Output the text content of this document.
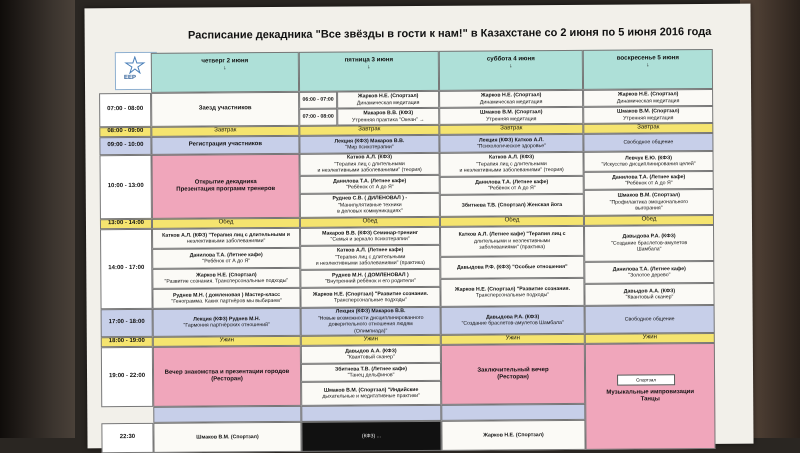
Расписание декадника "Все звёзды в гости к нам!" в Казахстане со 2 июня по 5 июня 2016 года
ЕЕР
четверг 2 июня
↓
пятница 3 июня
↓
суббота 4 июня
↓
воскресенье 5 июня
↓
07:00 - 08:00
08:00 - 09:00
09:00 - 10:00
10:00 - 13:00
13:00 - 14:00
14:00 - 17:00
17:00 - 18:00
18:00 - 19:00
19:00 - 22:00
22:30
Заезд участников
Завтрак
Регистрация участников
Открытие декадника
Презентация программ тренеров
Обед
Катков А.Л. (КФЗ) "Терапия лиц с длительными и
неэлективными заболеваниями"
Данилова Т.А. (Летнее кафе)
"Ребёнок от А до Я"
Жарков Н.Е. (Спортзал)
"Развитие сознания. Трансперсональные подходы"
Руднев М.Н. ( домленовая ) Мастер-класс
"Генограмма. Каких партнёров мы выбираем"
Лекция (КФЗ) Руднев М.Н.
"Гармония партнёрских отношений"
Ужин
Вечер знакомства и презентации городов
(Ресторан)
Шмаков В.М. (Спортзал)
06:00 - 07:00
Жарков Н.Е. (Спортзал)
Динамическая медитация
07:00 - 08:00
Макаров В.В. (КФЗ)
Утренняя практика "Океан" →
Завтрак
Лекция (КФЗ) Макаров В.В.
"Мир психотерапии"
Катков А.Л. (КФЗ)
"Терапия лиц с длительными
и неэлективными заболеваниями" (теория)
Данилова Т.А. (Летнее кафе)
"Ребёнок от А до Я"
Руднев С.В. ( ДИЛЕНОВАЛ ) -
"Манипулятивные техники
в деловых коммуникациях"
Обед
Макаров В.В. (КФЗ) Семинар-тренинг
"Семья и зеркало психотерапии"
Катков А.Л. (Летнее кафе)
"Терапия лиц с длительными
и неэлективными заболеваниями" (практика)
Руднев М.Н. ( ДОМЛЕНОВАЛ )
"Внутренний ребёнок и его родители"
Жарков Н.Е. (Спортзал) "Развитие сознания.
Трансперсональные подходы"
Лекция (КФЗ) Макаров В.В.
"Новые возможности дисциплинированного
доверительного отношения людям
(Олимпиада)"
Ужин
Давыдов А.А. (КФЗ)
"Квантовый сканер"
Збитнева Т.В. (Летнее кафе)
"Танец дельфинов"
Шмаков В.М. (Спортзал) "Индийские
дыхательные и медитативные практики"
(КФЗ) ...
Жарков Н.Е. (Спортзал)
Динамическая медитация
Шмаков В.М. (Спортзал)
Утренняя медитация
Завтрак
Лекция (КФЗ) Катков А.Л.
"Психологическое здоровье"
Катков А.Л. (КФЗ)
"Терапия лиц с длительными
и неэлективными заболеваниями" (теория)
Данилова Т.А. (Летнее кафе)
"Ребёнок от А до Я"
Збитнева Т.В. (Спортзал) Женская йога
Обед
Катков А.Л. (Летнее кафе) "Терапия лиц с
длительными и неэлективными
заболеваниями" (практика)
Давыдова Р.Ф. (КФЗ) "Особые отношения"
Жарков Н.Е. (Спортзал) "Развитие сознания.
Трансперсональные подходы"
Давыдова Р.А. (КФЗ)
"Создание браслетов-амулетов Шамбала"
Ужин
Заключительный вечер
(Ресторан)
Жарков Н.Е. (Спортзал)
Жарков Н.Е. (Спортзал)
Динамическая медитация
Шмаков В.М. (Спортзал)
Утренняя медитация
Завтрак
Свободное общение
Левчук Е.Ю. (КФЗ)
"Искусство дисциплинирования целей"
Данилова Т.А. (Летнее кафе)
"Ребёнок от А до Я"
Шмаков В.М. (Спортзал)
"Профилактика эмоционального
выгорания"
Обед
Давыдова Р.А. (КФЗ)
"Создание браслетов-амулетов
Шамбала"
Данилова Т.А. (Летнее кафе)
"Золотое дерево"
Давыдов А.А. (КФЗ)
"Квантовый сканер"
Свободное общение
Ужин
Музыкальные импровизации
Танцы
Спортзал
